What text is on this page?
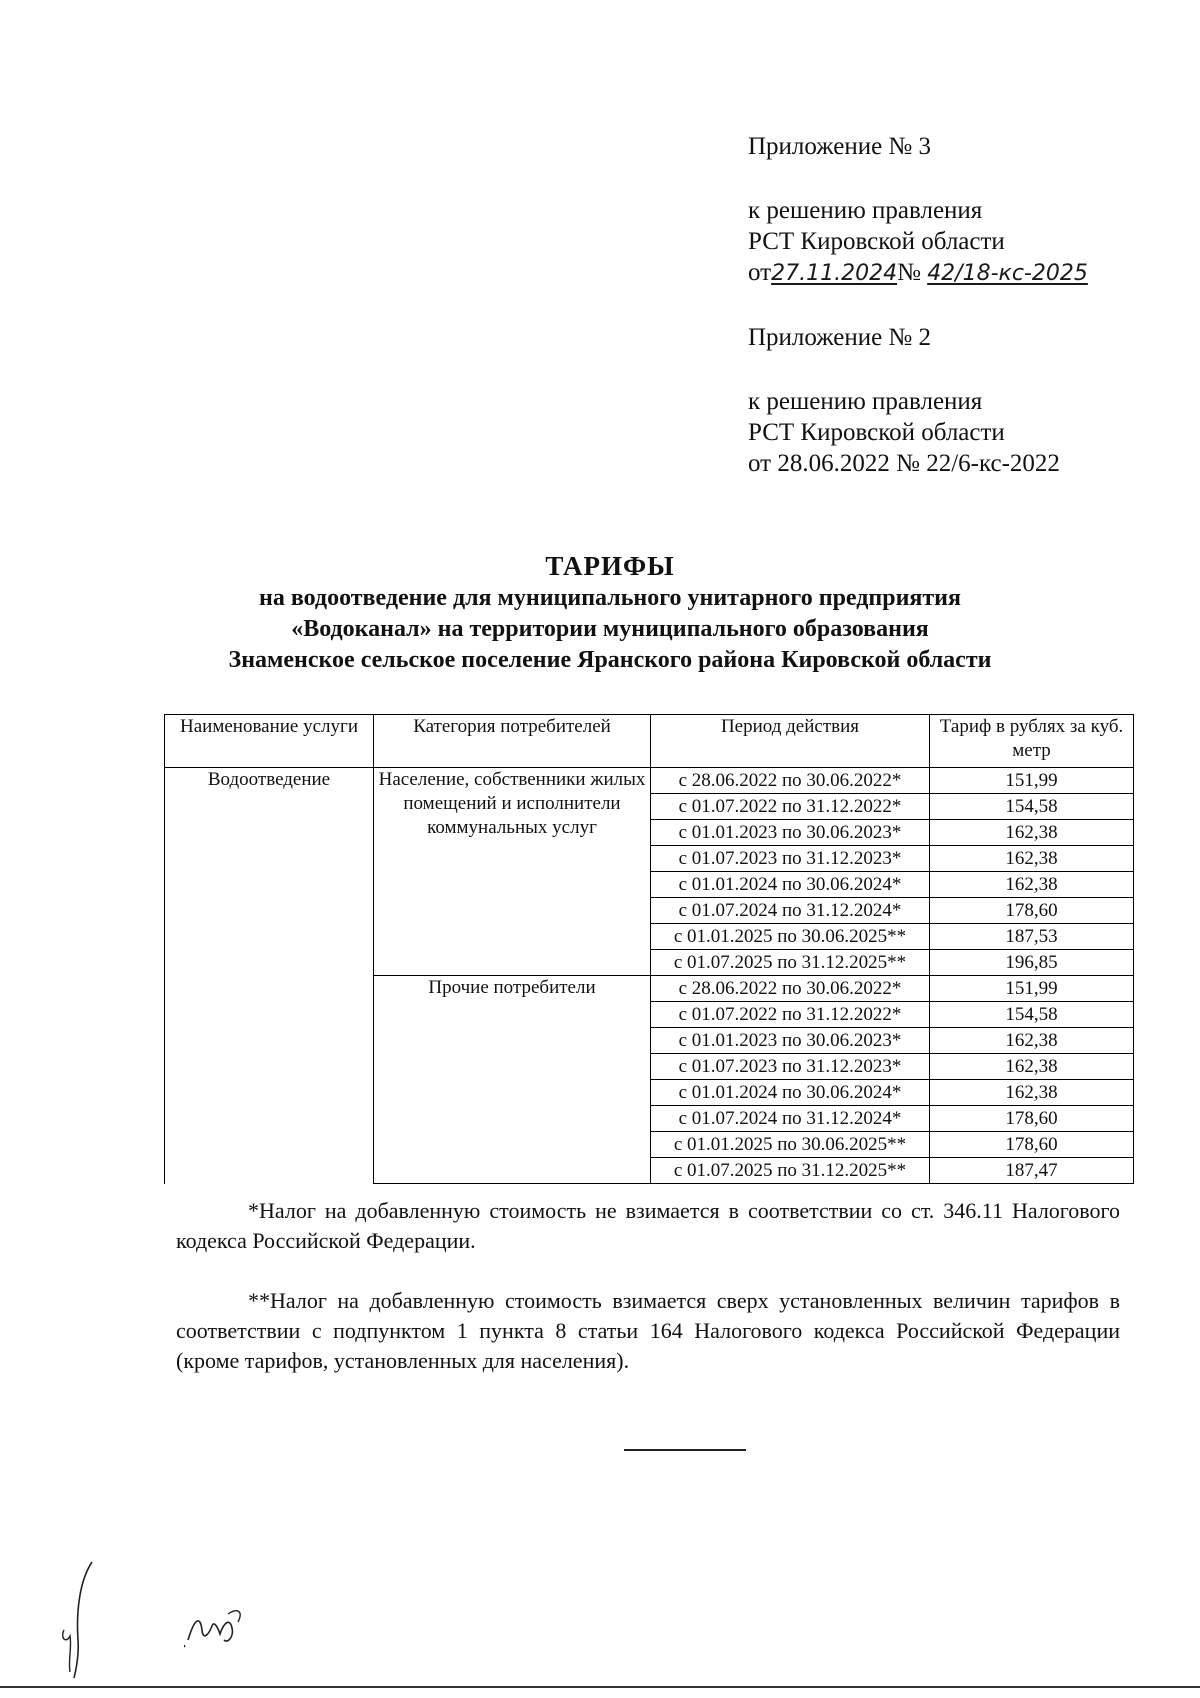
Приложение № 3

к решению правления

РСТ Кировской области

от27.11.2024№ 42/18-кс-2025

Приложение № 2

к решению правления

РСТ Кировской области

от 28.06.2022 № 22/6-кс-2022

ТАРИФЫ
на водоотведение для муниципального унитарного предприятия
«Водоканал» на территории муниципального образования
Знаменское сельское поселение Яранского района Кировской области
Наименование услуги	Категория потребителей	Период действия	Тариф в рублях за куб. метр
Водоотведение	Население, собственники жилых помещений и исполнители коммунальных услуг	с 28.06.2022 по 30.06.2022*	151,99
		с 01.07.2022 по 31.12.2022*	154,58
		с 01.01.2023 по 30.06.2023*	162,38
		с 01.07.2023 по 31.12.2023*	162,38
		с 01.01.2024 по 30.06.2024*	162,38
		с 01.07.2024 по 31.12.2024*	178,60
		с 01.01.2025 по 30.06.2025**	187,53
		с 01.07.2025 по 31.12.2025**	196,85
	Прочие потребители	с 28.06.2022 по 30.06.2022*	151,99
		с 01.07.2022 по 31.12.2022*	154,58
		с 01.01.2023 по 30.06.2023*	162,38
		с 01.07.2023 по 31.12.2023*	162,38
		с 01.01.2024 по 30.06.2024*	162,38
		с 01.07.2024 по 31.12.2024*	178,60
		с 01.01.2025 по 30.06.2025**	178,60
		с 01.07.2025 по 31.12.2025**	187,47

*Налог на добавленную стоимость не взимается в соответствии со ст. 346.11 Налогового кодекса Российской Федерации.

**Налог на добавленную стоимость взимается сверх установленных величин тарифов в соответствии с подпунктом 1 пункта 8 статьи 164 Налогового кодекса Российской Федерации (кроме тарифов, установленных для населения).
